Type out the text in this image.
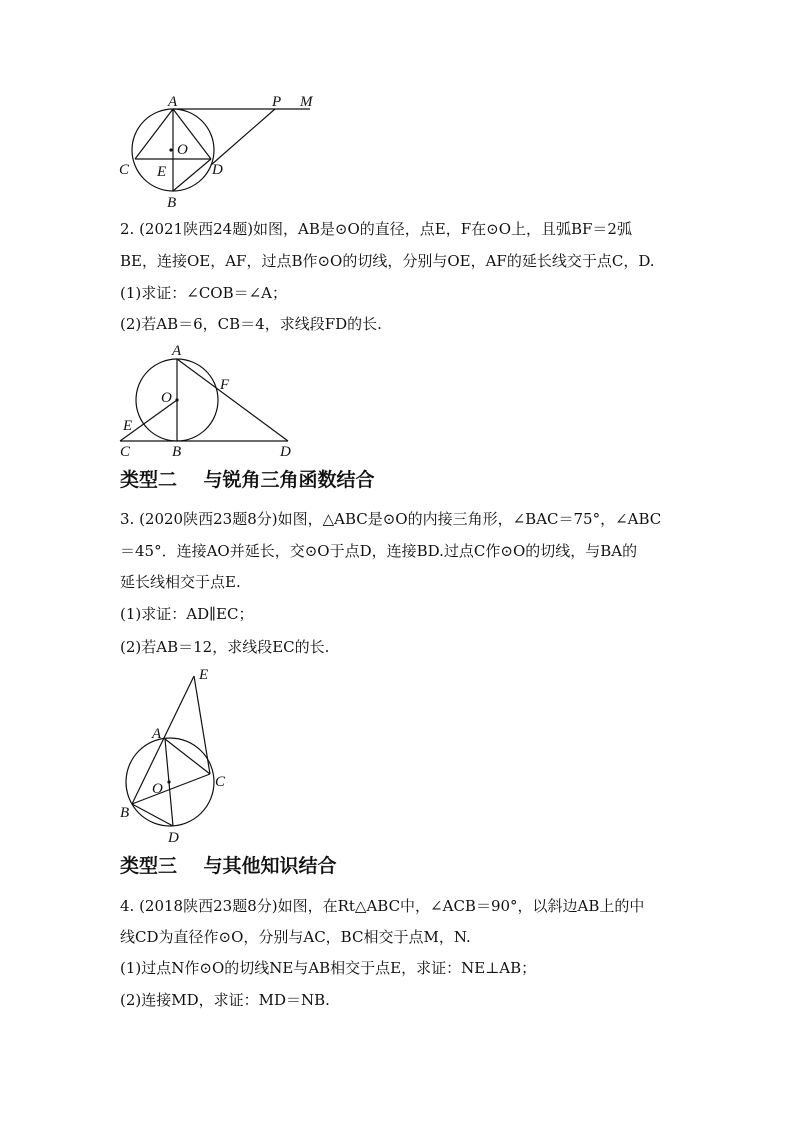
A	P M
O
C E	D
B
2. (2021陕西24题)如图，AB是⊙O的直径，点E，F在⊙O上，且弧BF＝2弧
BE，连接OE，AF，过点B作⊙O的切线，分别与OE，AF的延长线交于点C，D.
(1)求证：∠COB＝∠A；
(2)若AB＝6，CB＝4，求线段FD的长.
A
F
O
E
C	B	D
类型二    与锐角三角函数结合
3. (2020陕西23题8分)如图，△ABC是⊙O的内接三角形，∠BAC＝75°，∠ABC
＝45°．连接AO并延长，交⊙O于点D，连接BD.过点C作⊙O的切线，与BA的
延长线相交于点E.
(1)求证：AD∥EC；
(2)若AB＝12，求线段EC的长.
E
A
C
O
B
D
类型三    与其他知识结合
4. (2018陕西23题8分)如图，在Rt△ABC中，∠ACB＝90°，以斜边AB上的中
线CD为直径作⊙O，分别与AC，BC相交于点M，N.
(1)过点N作⊙O的切线NE与AB相交于点E，求证：NE⊥AB；
(2)连接MD，求证：MD＝NB.
